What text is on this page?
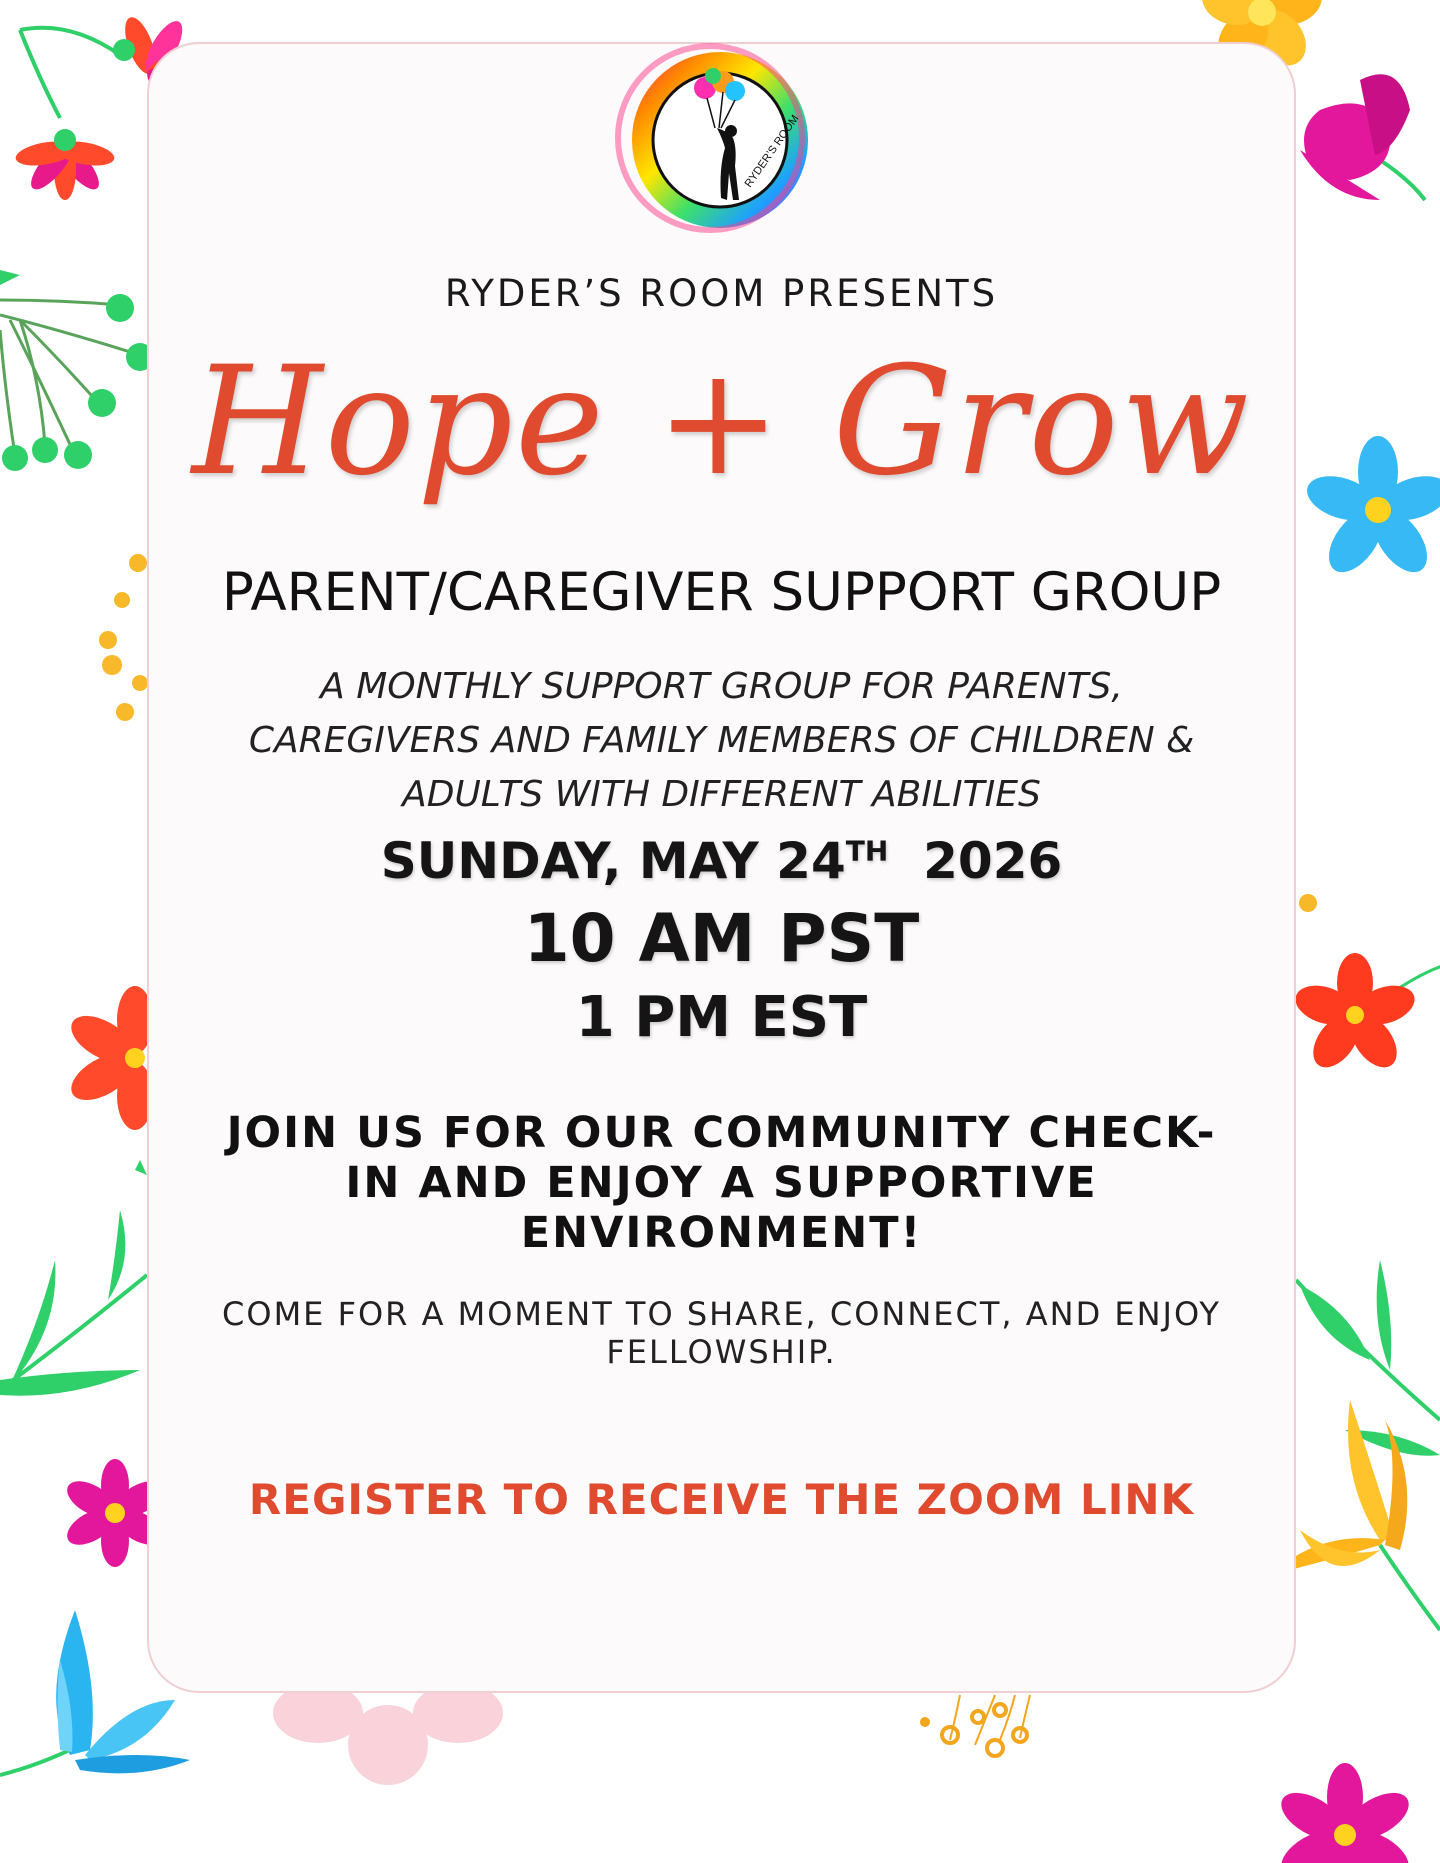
RYDER’S ROOM

RYDER’S ROOM PRESENTS

Hope + Grow

PARENT/CAREGIVER SUPPORT GROUP

A MONTHLY SUPPORT GROUP FOR PARENTS,
CAREGIVERS AND FAMILY MEMBERS OF CHILDREN &
ADULTS WITH DIFFERENT ABILITIES

SUNDAY, MAY 24TH 2026

10 AM PST

1 PM EST

JOIN US FOR OUR COMMUNITY CHECK-
IN AND ENJOY A SUPPORTIVE
ENVIRONMENT!

COME FOR A MOMENT TO SHARE, CONNECT, AND ENJOY
FELLOWSHIP.

REGISTER TO RECEIVE THE ZOOM LINK
